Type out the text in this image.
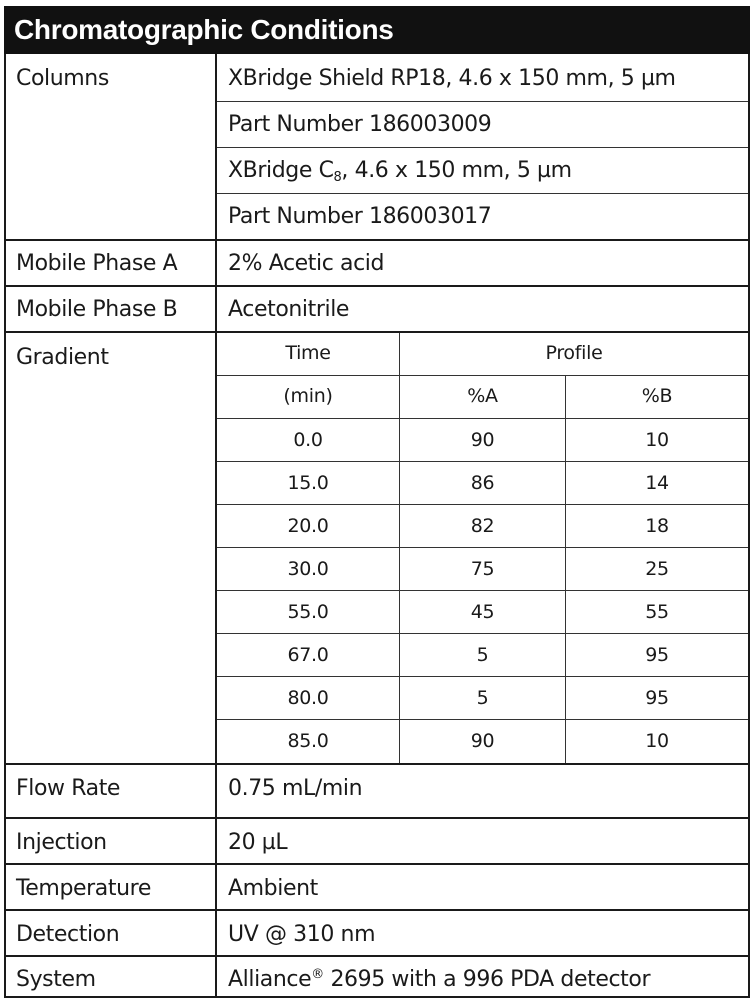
Chromatographic Conditions
Columns	XBridge Shield RP18, 4.6 x 150 mm, 5 µm
Part Number 186003009
XBridge $C_8$, 4.6 x 150 mm, 5 µm
Part Number 186003017
Mobile Phase A 2% Acetic acid
Mobile Phase B Acetonitrile
Gradient	Time	Profile
(min)	%A	%B
0.0	90	10
15.0	86	14
20.0	82	18
30.0	75	25
55.0	45	55
67.0	5	95
80.0	5	95
85.0	90	10
Flow Rate	0.75 mL/min
Injection	20 µL
Temperature	Ambient
Detection	UV @ 310 nm
System	Alliance® 2695 with a 996 PDA detector
